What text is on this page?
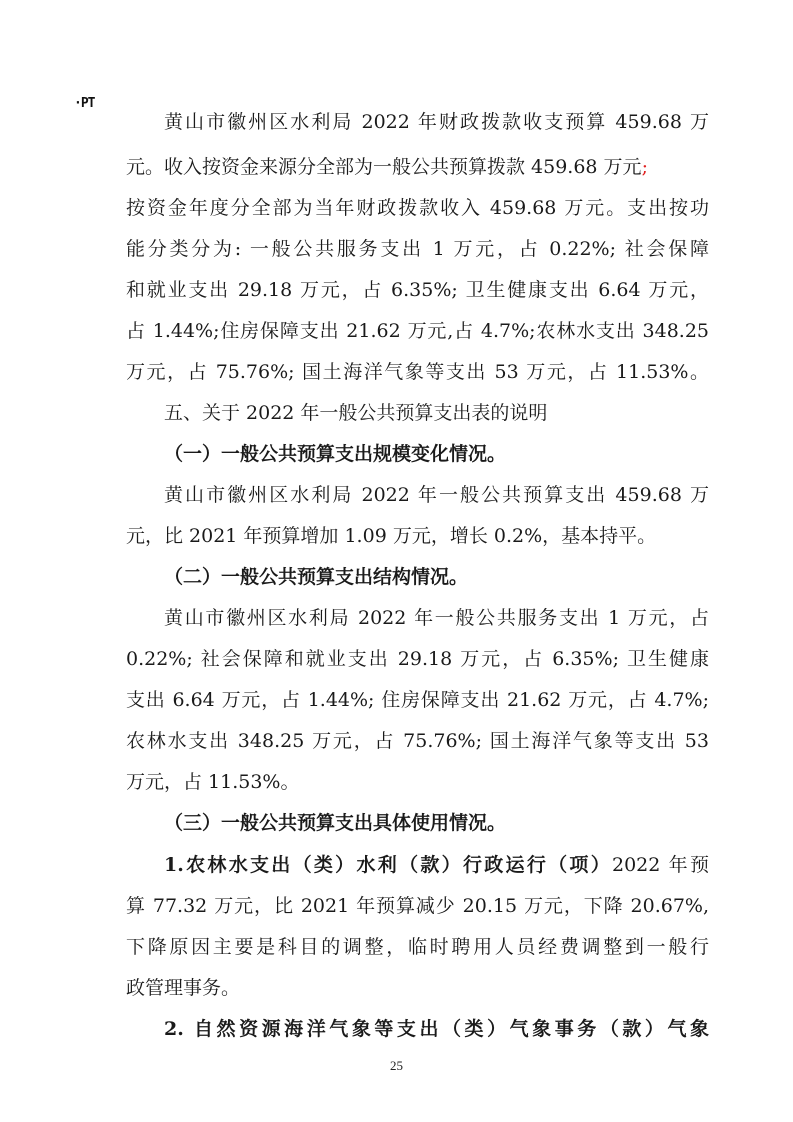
·PT
黄山市徽州区水利局 2022 年财政拨款收支预算 459.68 万
元。收入按资金来源分全部为一般公共预算拨款 459.68 万元;
按资金年度分全部为当年财政拨款收入 459.68 万元。支出按功
能分类分为: 一般公共服务支出 1 万元，占 0.22%; 社会保障
和就业支出 29.18 万元，占 6.35%; 卫生健康支出 6.64 万元，
占 1.44%;住房保障支出 21.62 万元,占 4.7%;农林水支出 348.25
万元，占 75.76%; 国土海洋气象等支出 53 万元，占 11.53%。
五、关于 2022 年一般公共预算支出表的说明
（一）一般公共预算支出规模变化情况。
黄山市徽州区水利局 2022 年一般公共预算支出 459.68 万
元，比 2021 年预算增加 1.09 万元，增长 0.2%，基本持平。
（二）一般公共预算支出结构情况。
黄山市徽州区水利局 2022 年一般公共服务支出 1 万元，占
0.22%; 社会保障和就业支出 29.18 万元，占 6.35%; 卫生健康
支出 6.64 万元，占 1.44%; 住房保障支出 21.62 万元，占 4.7%;
农林水支出 348.25 万元，占 75.76%; 国土海洋气象等支出 53
万元，占 11.53%。
（三）一般公共预算支出具体使用情况。
1.农林水支出（类）水利（款）行政运行（项）2022 年预
算 77.32 万元，比 2021 年预算减少 20.15 万元，下降 20.67%,
下降原因主要是科目的调整，临时聘用人员经费调整到一般行
政管理事务。
2. 自然资源海洋气象等支出（类）气象事务（款）气象
25
